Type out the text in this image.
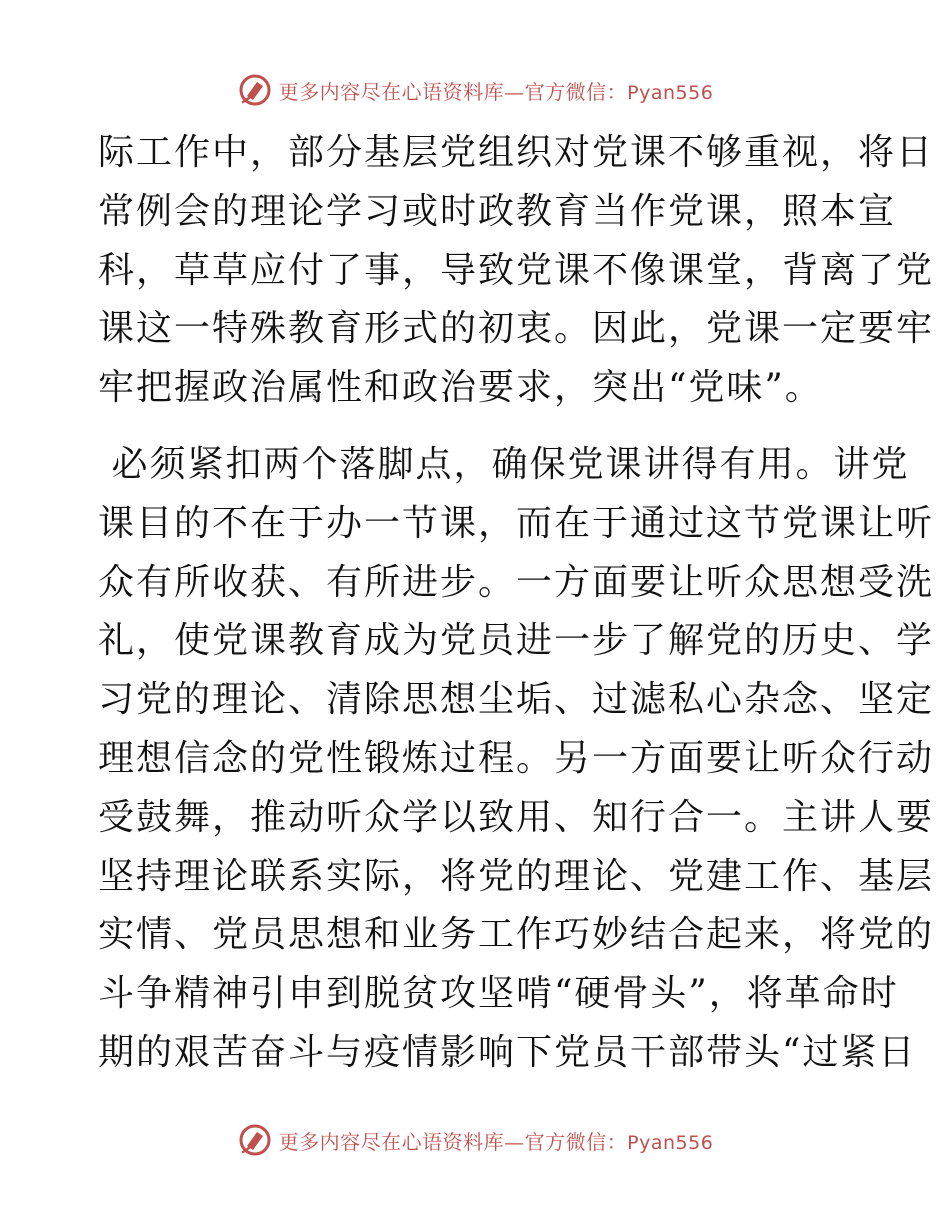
更多内容尽在心语资料库—官方微信：Pyan556
际工作中，部分基层党组织对党课不够重视，将日
常例会的理论学习或时政教育当作党课，照本宣
科，草草应付了事，导致党课不像课堂，背离了党
课这一特殊教育形式的初衷。因此，党课一定要牢
牢把握政治属性和政治要求，突出“党味”。
必须紧扣两个落脚点，确保党课讲得有用。讲党
课目的不在于办一节课，而在于通过这节党课让听
众有所收获、有所进步。一方面要让听众思想受洗
礼，使党课教育成为党员进一步了解党的历史、学
习党的理论、清除思想尘垢、过滤私心杂念、坚定
理想信念的党性锻炼过程。另一方面要让听众行动
受鼓舞，推动听众学以致用、知行合一。主讲人要
坚持理论联系实际，将党的理论、党建工作、基层
实情、党员思想和业务工作巧妙结合起来，将党的
斗争精神引申到脱贫攻坚啃“硬骨头”，将革命时
期的艰苦奋斗与疫情影响下党员干部带头“过紧日
更多内容尽在心语资料库—官方微信：Pyan556
